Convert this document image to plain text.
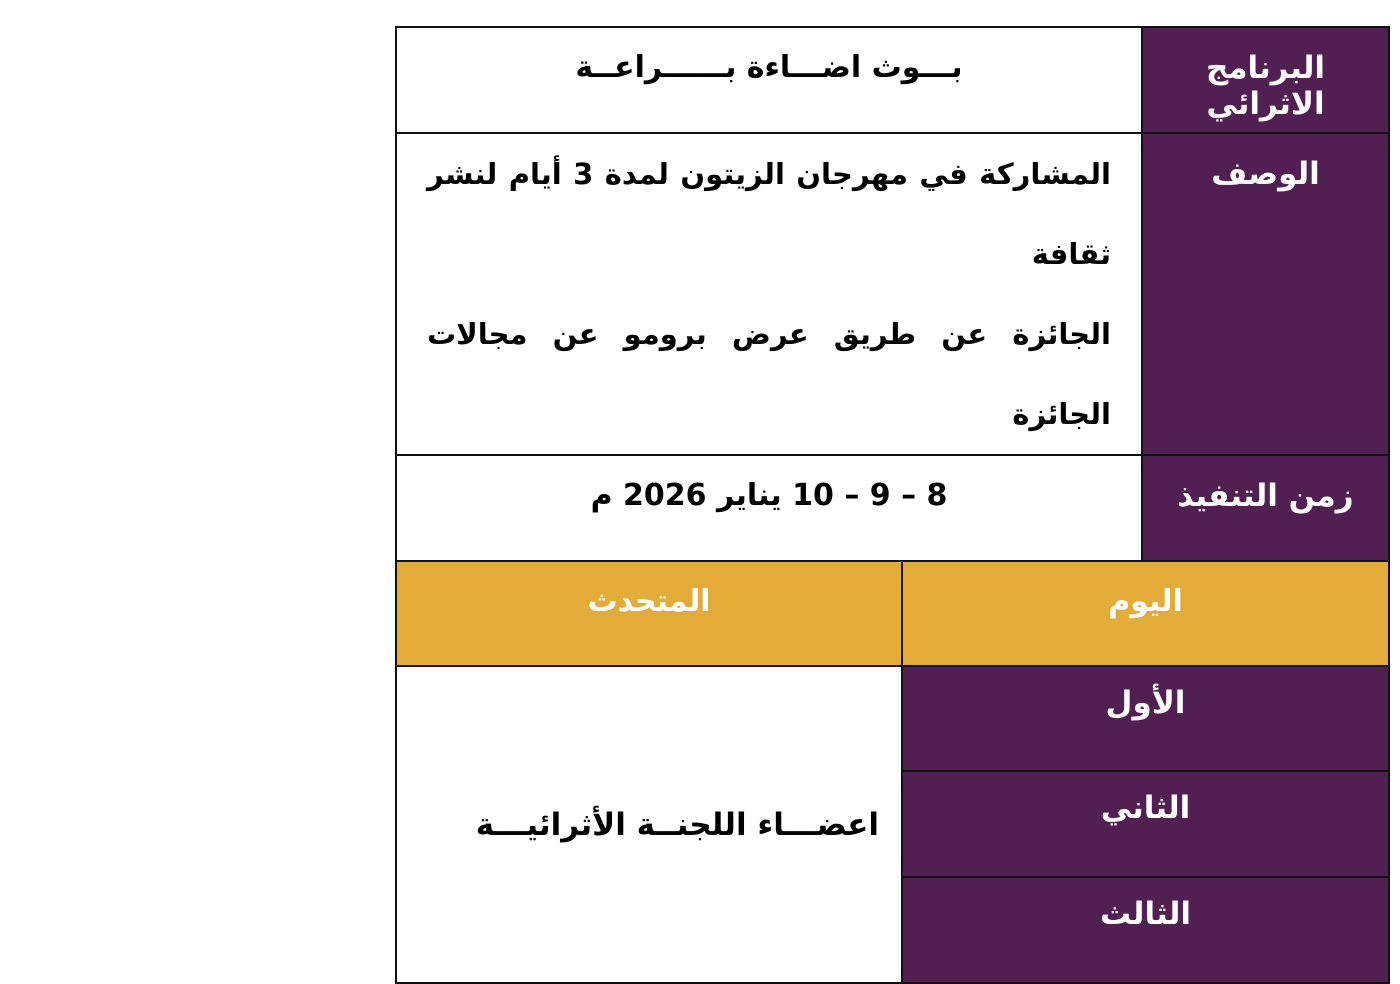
البرنامج الاثرائي	بـــوث اضـــاءة بــــــراعــة
الوصف	المشاركة في مهرجان الزيتون لمدة 3 أيام لنشر ثقافة
الجائزة عن طريق عرض برومو عن مجالات الجائزة

زمن التنفيذ	8 – 9 – 10 يناير 2026 م
اليوم	المتحدث
الأول	اعضـــاء اللجنــة الأثرائيـــة
الثاني	
الثالث	
